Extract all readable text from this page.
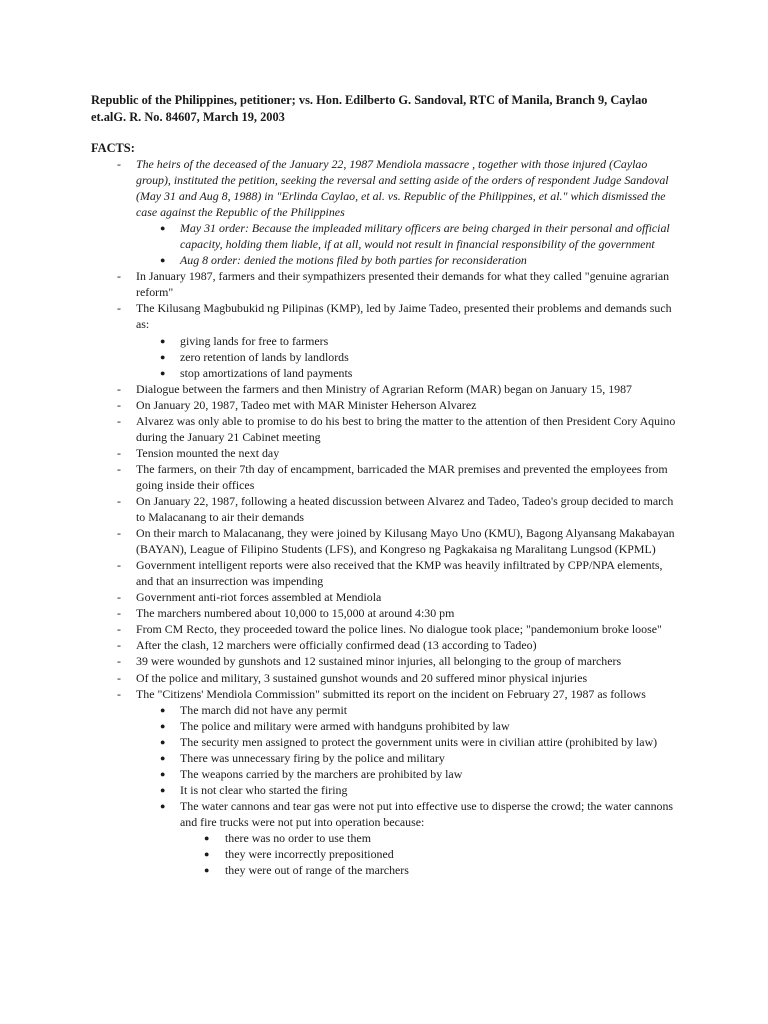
Republic of the Philippines, petitioner; vs. Hon. Edilberto G. Sandoval, RTC of Manila, Branch 9, Caylao et.alG. R. No. 84607, March 19, 2003
FACTS:
- The heirs of the deceased of the January 22, 1987 Mendiola massacre , together with those injured (Caylao group), instituted the petition, seeking the reversal and setting aside of the orders of respondent Judge Sandoval (May 31 and Aug 8, 1988) in "Erlinda Caylao, et al. vs. Republic of the Philippines, et al." which dismissed the case against the Republic of the Philippines
● May 31 order: Because the impleaded military officers are being charged in their personal and official capacity, holding them liable, if at all, would not result in financial responsibility of the government
● Aug 8 order: denied the motions filed by both parties for reconsideration
- In January 1987, farmers and their sympathizers presented their demands for what they called "genuine agrarian reform"
- The Kilusang Magbubukid ng Pilipinas (KMP), led by Jaime Tadeo, presented their problems and demands such as:
● giving lands for free to farmers
● zero retention of lands by landlords
● stop amortizations of land payments
- Dialogue between the farmers and then Ministry of Agrarian Reform (MAR) began on January 15, 1987
- On January 20, 1987, Tadeo met with MAR Minister Heherson Alvarez
- Alvarez was only able to promise to do his best to bring the matter to the attention of then President Cory Aquino during the January 21 Cabinet meeting
- Tension mounted the next day
- The farmers, on their 7th day of encampment, barricaded the MAR premises and prevented the employees from going inside their offices
- On January 22, 1987, following a heated discussion between Alvarez and Tadeo, Tadeo's group decided to march to Malacanang to air their demands
- On their march to Malacanang, they were joined by Kilusang Mayo Uno (KMU), Bagong Alyansang Makabayan (BAYAN), League of Filipino Students (LFS), and Kongreso ng Pagkakaisa ng Maralitang Lungsod (KPML)
- Government intelligent reports were also received that the KMP was heavily infiltrated by CPP/NPA elements, and that an insurrection was impending
- Government anti-riot forces assembled at Mendiola
- The marchers numbered about 10,000 to 15,000 at around 4:30 pm
- From CM Recto, they proceeded toward the police lines. No dialogue took place; "pandemonium broke loose"
- After the clash, 12 marchers were officially confirmed dead (13 according to Tadeo)
- 39 were wounded by gunshots and 12 sustained minor injuries, all belonging to the group of marchers
- Of the police and military, 3 sustained gunshot wounds and 20 suffered minor physical injuries
- The "Citizens' Mendiola Commission" submitted its report on the incident on February 27, 1987 as follows
● The march did not have any permit
● The police and military were armed with handguns prohibited by law
● The security men assigned to protect the government units were in civilian attire (prohibited by law)
● There was unnecessary firing by the police and military
● The weapons carried by the marchers are prohibited by law
● It is not clear who started the firing
● The water cannons and tear gas were not put into effective use to disperse the crowd; the water cannons and fire trucks were not put into operation because:
● there was no order to use them
● they were incorrectly prepositioned
● they were out of range of the marchers
